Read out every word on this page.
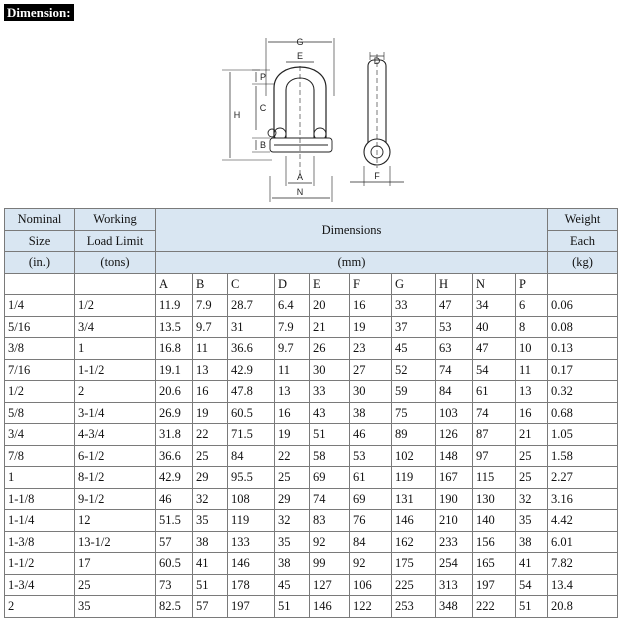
Dimension:
G
E
P
C
H
B
A
N
D
F
Nominal	Working	Dimensions										Weight
Size	Load Limit											Each
(in.)	(tons)	(mm)										(kg)
		A	B	C	D	E	F	G	H	N	P	
1/4	1/2	11.9	7.9	28.7	6.4	20	16	33	47	34	6	0.06
5/16	3/4	13.5	9.7	31	7.9	21	19	37	53	40	8	0.08
3/8	1	16.8	11	36.6	9.7	26	23	45	63	47	10	0.13
7/16	1-1/2	19.1	13	42.9	11	30	27	52	74	54	11	0.17
1/2	2	20.6	16	47.8	13	33	30	59	84	61	13	0.32
5/8	3-1/4	26.9	19	60.5	16	43	38	75	103	74	16	0.68
3/4	4-3/4	31.8	22	71.5	19	51	46	89	126	87	21	1.05
7/8	6-1/2	36.6	25	84	22	58	53	102	148	97	25	1.58
1	8-1/2	42.9	29	95.5	25	69	61	119	167	115	25	2.27
1-1/8	9-1/2	46	32	108	29	74	69	131	190	130	32	3.16
1-1/4	12	51.5	35	119	32	83	76	146	210	140	35	4.42
1-3/8	13-1/2	57	38	133	35	92	84	162	233	156	38	6.01
1-1/2	17	60.5	41	146	38	99	92	175	254	165	41	7.82
1-3/4	25	73	51	178	45	127	106	225	313	197	54	13.4
2	35	82.5	57	197	51	146	122	253	348	222	51	20.8
